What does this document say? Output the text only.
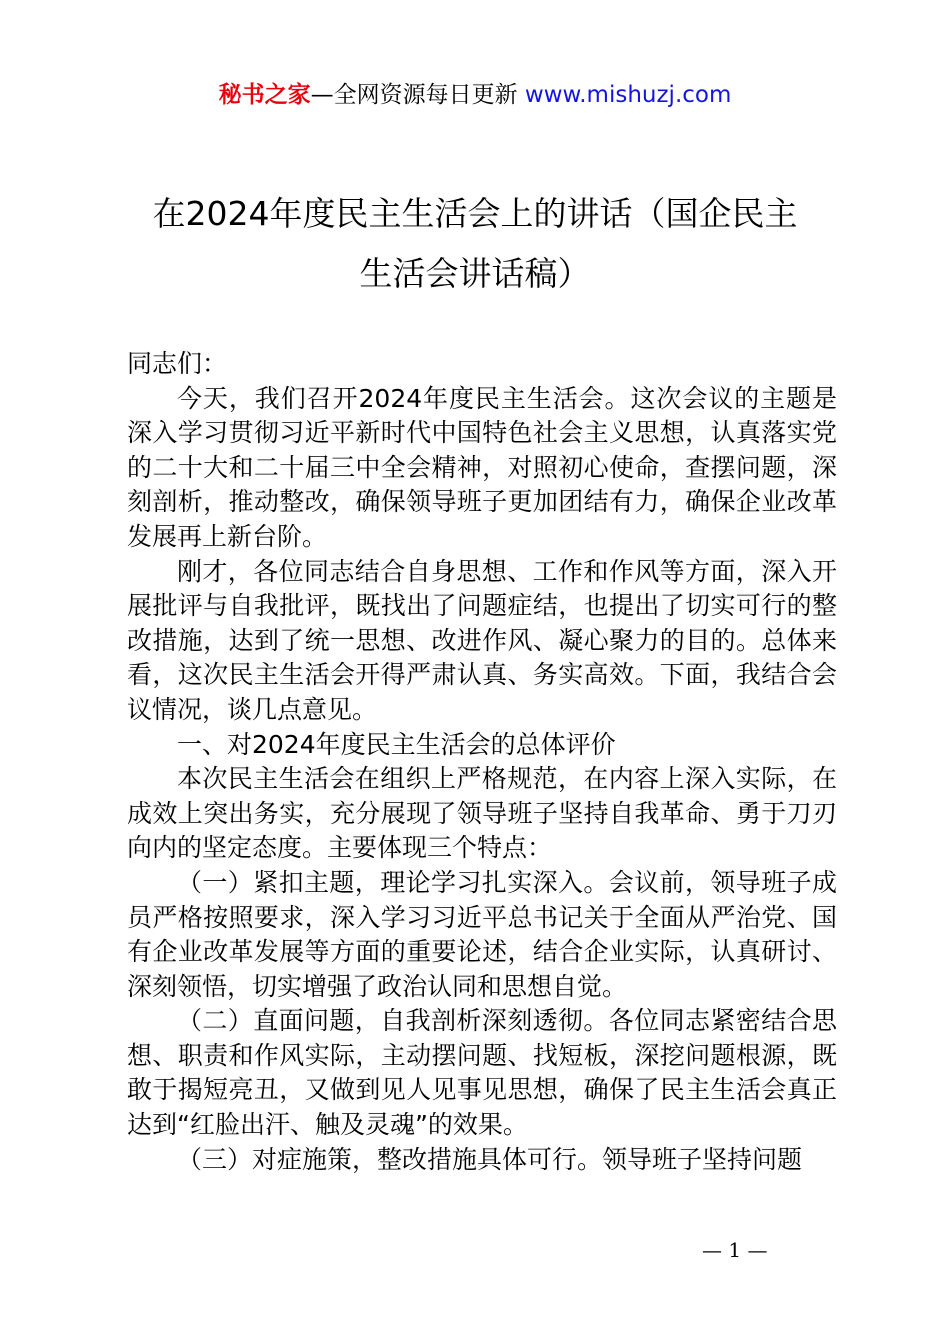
秘书之家—全网资源每日更新 www.mishuzj.com
在2024年度民主生活会上的讲话（国企民主
生活会讲话稿）

同志们：

今天，我们召开2024年度民主生活会。这次会议的主题是深入学习贯彻习近平新时代中国特色社会主义思想，认真落实党的二十大和二十届三中全会精神，对照初心使命，查摆问题，深刻剖析，推动整改，确保领导班子更加团结有力，确保企业改革发展再上新台阶。

刚才，各位同志结合自身思想、工作和作风等方面，深入开展批评与自我批评，既找出了问题症结，也提出了切实可行的整改措施，达到了统一思想、改进作风、凝心聚力的目的。总体来看，这次民主生活会开得严肃认真、务实高效。下面，我结合会议情况，谈几点意见。

一、对2024年度民主生活会的总体评价

本次民主生活会在组织上严格规范，在内容上深入实际，在成效上突出务实，充分展现了领导班子坚持自我革命、勇于刀刃向内的坚定态度。主要体现三个特点：

（一）紧扣主题，理论学习扎实深入。会议前，领导班子成员严格按照要求，深入学习习近平总书记关于全面从严治党、国有企业改革发展等方面的重要论述，结合企业实际，认真研讨、深刻领悟，切实增强了政治认同和思想自觉。

（二）直面问题，自我剖析深刻透彻。各位同志紧密结合思想、职责和作风实际，主动摆问题、找短板，深挖问题根源，既敢于揭短亮丑，又做到见人见事见思想，确保了民主生活会真正达到“红脸出汗、触及灵魂”的效果。

（三）对症施策，整改措施具体可行。领导班子坚持问题

— 1 —
